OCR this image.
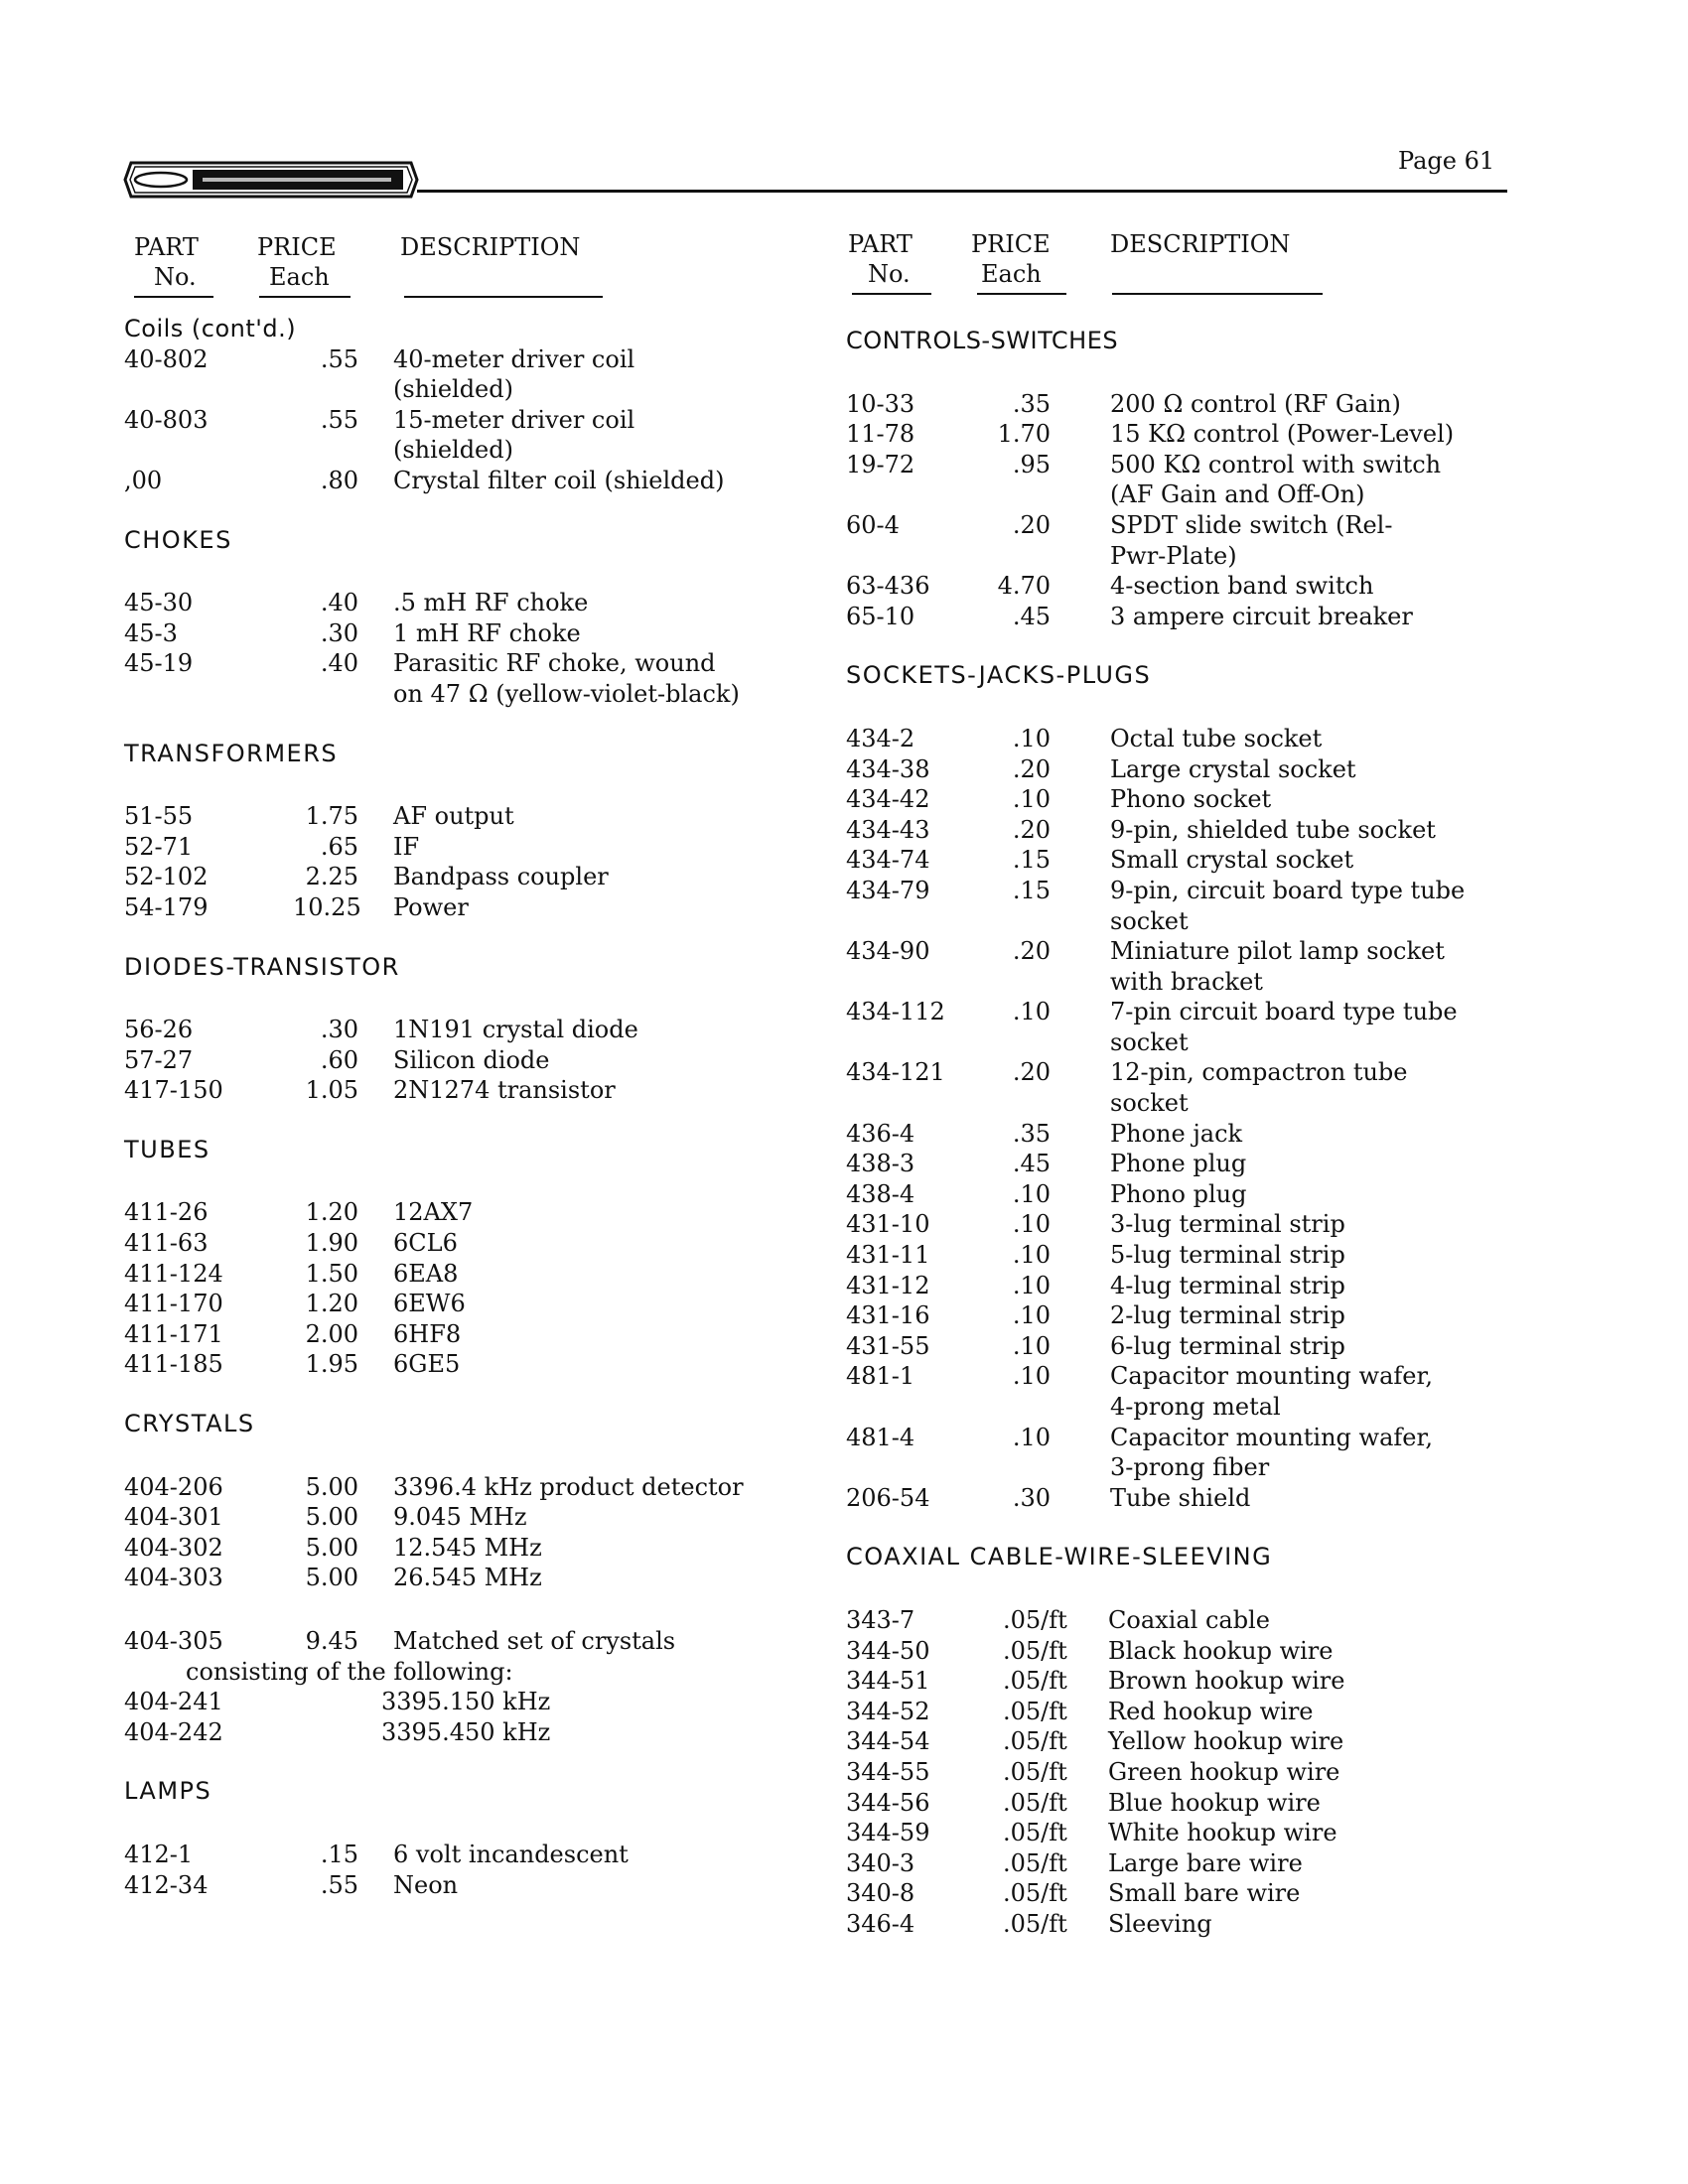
Page 61
PART
No.
PRICE
Each
DESCRIPTION
Coils (cont'd.)
40-802	.55 40-meter driver coil
(shielded)
40-803	.55 15-meter driver coil
(shielded)
,00	.80 Crystal filter coil (shielded)
CHOKES
45-30	.40 .5 mH RF choke
45-3	.30 1 mH RF choke
45-19	.40 Parasitic RF choke, wound
on 47 Ω (yellow-violet-black)
TRANSFORMERS
51-55	1.75 AF output
52-71	.65 IF
52-102	2.25 Bandpass coupler
54-179	10.25 Power
DIODES-TRANSISTOR
56-26	.30 1N191 crystal diode
57-27	.60 Silicon diode
417-150	1.05 2N1274 transistor
TUBES
411-26	1.20 12AX7
411-63	1.90 6CL6
411-124	1.50 6EA8
411-170	1.20 6EW6
411-171	2.00 6HF8
411-185	1.95 6GE5
CRYSTALS
404-206	5.00 3396.4 kHz product detector
404-301	5.00 9.045 MHz
404-302	5.00 12.545 MHz
404-303	5.00 26.545 MHz
404-305	9.45 Matched set of crystals
consisting of the following:
404-241	3395.150 kHz
404-242	3395.450 kHz
LAMPS
412-1	.15 6 volt incandescent
412-34	.55 Neon
PART
No.
PRICE
Each
DESCRIPTION
CONTROLS-SWITCHES
10-33	.35	200 Ω control (RF Gain)
11-78	1.70	15 KΩ control (Power-Level)
19-72	.95	500 KΩ control with switch
(AF Gain and Off-On)
60-4	.20	SPDT slide switch (Rel-
Pwr-Plate)
63-436	4.70	4-section band switch
65-10	.45	3 ampere circuit breaker
SOCKETS-JACKS-PLUGS
434-2	.10	Octal tube socket
434-38	.20	Large crystal socket
434-42	.10	Phono socket
434-43	.20	9-pin, shielded tube socket
434-74	.15	Small crystal socket
434-79	.15	9-pin, circuit board type tube
socket
434-90	.20	Miniature pilot lamp socket
with bracket
434-112	.10	7-pin circuit board type tube
socket
434-121	.20	12-pin, compactron tube
socket
436-4	.35	Phone jack
438-3	.45	Phone plug
438-4	.10	Phono plug
431-10	.10	3-lug terminal strip
431-11	.10	5-lug terminal strip
431-12	.10	4-lug terminal strip
431-16	.10	2-lug terminal strip
431-55	.10	6-lug terminal strip
481-1	.10	Capacitor mounting wafer,
4-prong metal
481-4	.10	Capacitor mounting wafer,
3-prong fiber
206-54	.30	Tube shield
COAXIAL CABLE-WIRE-SLEEVING
343-7	.05/ft Coaxial cable
344-50	.05/ft Black hookup wire
344-51	.05/ft Brown hookup wire
344-52	.05/ft Red hookup wire
344-54	.05/ft Yellow hookup wire
344-55	.05/ft Green hookup wire
344-56	.05/ft Blue hookup wire
344-59	.05/ft White hookup wire
340-3	.05/ft Large bare wire
340-8	.05/ft Small bare wire
346-4	.05/ft Sleeving
